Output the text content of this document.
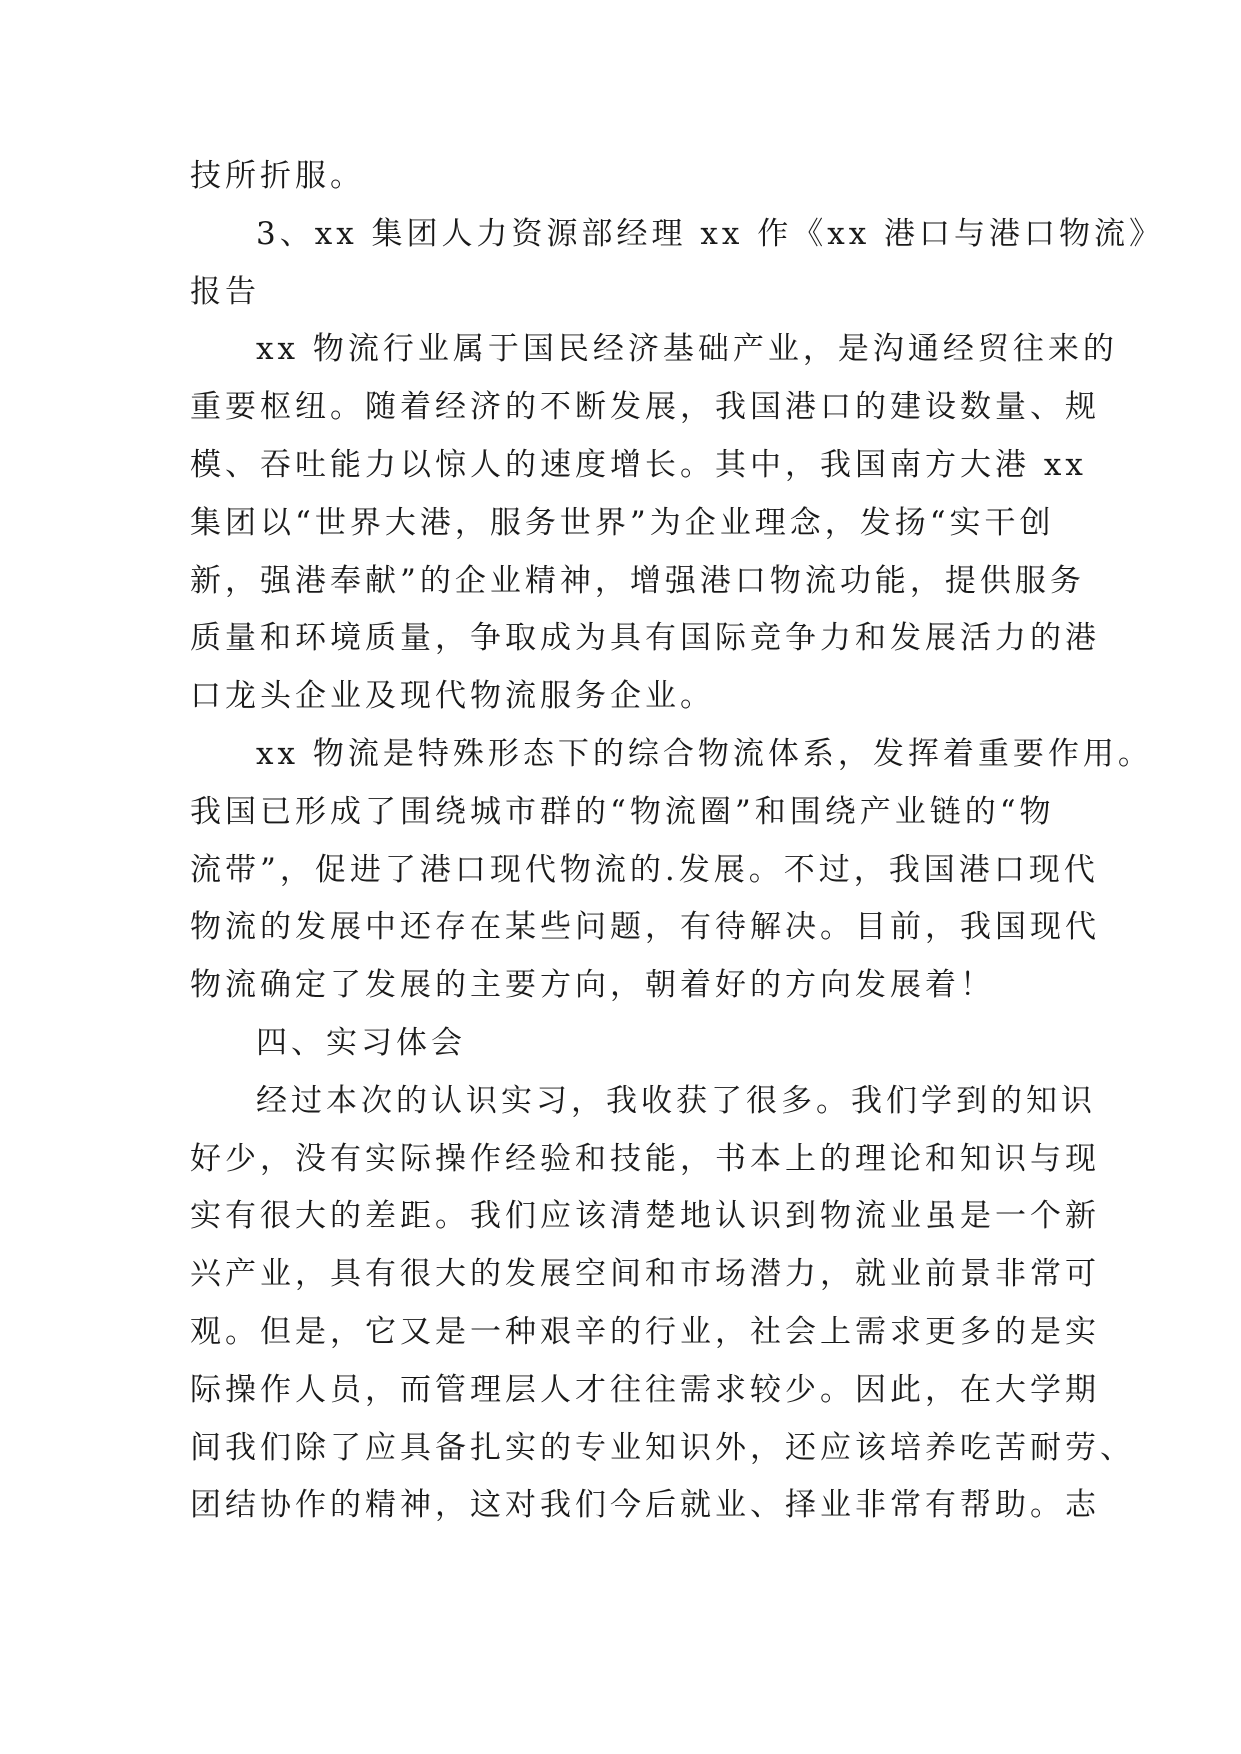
技所折服。
3、xx 集团人力资源部经理 xx 作《xx 港口与港口物流》
报告
xx 物流行业属于国民经济基础产业，是沟通经贸往来的
重要枢纽。随着经济的不断发展，我国港口的建设数量、规
模、吞吐能力以惊人的速度增长。其中，我国南方大港 xx
集团以“世界大港，服务世界”为企业理念，发扬“实干创
新，强港奉献”的企业精神，增强港口物流功能，提供服务
质量和环境质量，争取成为具有国际竞争力和发展活力的港
口龙头企业及现代物流服务企业。
xx 物流是特殊形态下的综合物流体系，发挥着重要作用。
我国已形成了围绕城市群的“物流圈”和围绕产业链的“物
流带”，促进了港口现代物流的.发展。不过，我国港口现代
物流的发展中还存在某些问题，有待解决。目前，我国现代
物流确定了发展的主要方向，朝着好的方向发展着！
四、实习体会
经过本次的认识实习，我收获了很多。我们学到的知识
好少，没有实际操作经验和技能，书本上的理论和知识与现
实有很大的差距。我们应该清楚地认识到物流业虽是一个新
兴产业，具有很大的发展空间和市场潜力，就业前景非常可
观。但是，它又是一种艰辛的行业，社会上需求更多的是实
际操作人员，而管理层人才往往需求较少。因此，在大学期
间我们除了应具备扎实的专业知识外，还应该培养吃苦耐劳、
团结协作的精神，这对我们今后就业、择业非常有帮助。志
